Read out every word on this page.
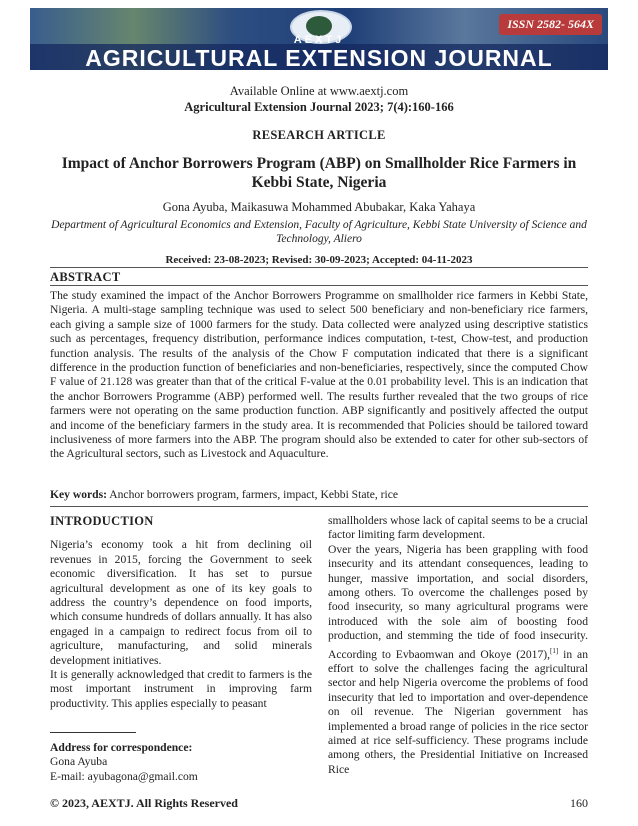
AEXTJ
AGRICULTURAL EXTENSION JOURNAL
ISSN 2582- 564X
Available Online at www.aextj.com
Agricultural Extension Journal 2023; 7(4):160-166
RESEARCH ARTICLE
Impact of Anchor Borrowers Program (ABP) on Smallholder Rice Farmers in Kebbi State, Nigeria
Gona Ayuba, Maikasuwa Mohammed Abubakar, Kaka Yahaya
Department of Agricultural Economics and Extension, Faculty of Agriculture, Kebbi State University of Science and Technology, Aliero
Received: 23-08-2023; Revised: 30-09-2023; Accepted: 04-11-2023
ABSTRACT
The study examined the impact of the Anchor Borrowers Programme on smallholder rice farmers in Kebbi State, Nigeria. A multi-stage sampling technique was used to select 500 beneficiary and non-beneficiary rice farmers, each giving a sample size of 1000 farmers for the study. Data collected were analyzed using descriptive statistics such as percentages, frequency distribution, performance indices computation, t-test, Chow-test, and production function analysis. The results of the analysis of the Chow F computation indicated that there is a significant difference in the production function of beneficiaries and non-beneficiaries, respectively, since the computed Chow F value of 21.128 was greater than that of the critical F-value at the 0.01 probability level. This is an indication that the anchor Borrowers Programme (ABP) performed well. The results further revealed that the two groups of rice farmers were not operating on the same production function. ABP significantly and positively affected the output and income of the beneficiary farmers in the study area. It is recommended that Policies should be tailored toward inclusiveness of more farmers into the ABP. The program should also be extended to cater for other sub-sectors of the Agricultural sectors, such as Livestock and Aquaculture.
Key words: Anchor borrowers program, farmers, impact, Kebbi State, rice

INTRODUCTION

Nigeria’s economy took a hit from declining oil revenues in 2015, forcing the Government to seek economic diversification. It has set to pursue agricultural development as one of its key goals to address the country’s dependence on food imports, which consume hundreds of dollars annually. It has also engaged in a campaign to redirect focus from oil to agriculture, manufacturing, and solid minerals development initiatives.

It is generally acknowledged that credit to farmers is the most important instrument in improving farm productivity. This applies especially to peasant

Address for correspondence:
Gona Ayuba
E-mail: ayubagona@gmail.com

smallholders whose lack of capital seems to be a crucial factor limiting farm development.

Over the years, Nigeria has been grappling with food insecurity and its attendant consequences, leading to hunger, massive importation, and social disorders, among others. To overcome the challenges posed by food insecurity, so many agricultural programs were introduced with the sole aim of boosting food production, and stemming the tide of food insecurity. According to Evbaomwan and Okoye (2017),[1] in an effort to solve the challenges facing the agricultural sector and help Nigeria overcome the problems of food insecurity that led to importation and over-dependence on oil revenue. The Nigerian government has implemented a broad range of policies in the rice sector aimed at rice self-sufficiency. These programs include among others, the Presidential Initiative on Increased Rice

© 2023, AEXTJ. All Rights Reserved	160
